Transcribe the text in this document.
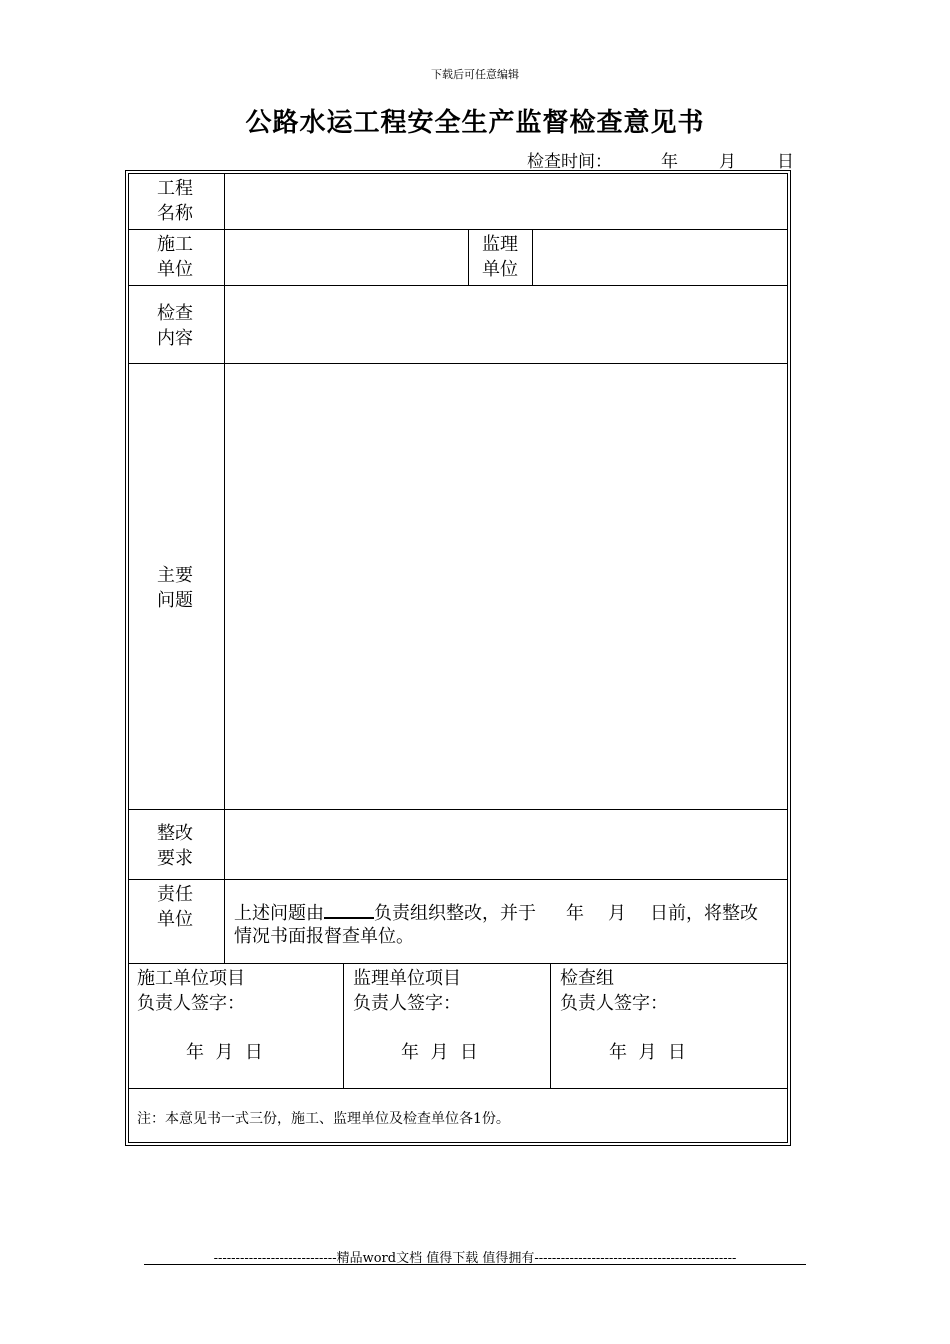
下载后可任意编辑
公路水运工程安全生产监督检查意见书
检查时间：	年 月 日
工程名称
施工单位
监理单位
检查内容
主要问题
整改要求
责任单位 上述问题由	负责组织整改，并于 年 月 日前，将整改
情况书面报督查单位。
施工单位项目
负责人签字：
年  月  日
监理单位项目
负责人签字：
年  月  日
检查组
负责人签字：
年  月  日
注：本意见书一式三份，施工、监理单位及检查单位各1份。
----------------------------精品word文档 值得下载 值得拥有----------------------------------------------
